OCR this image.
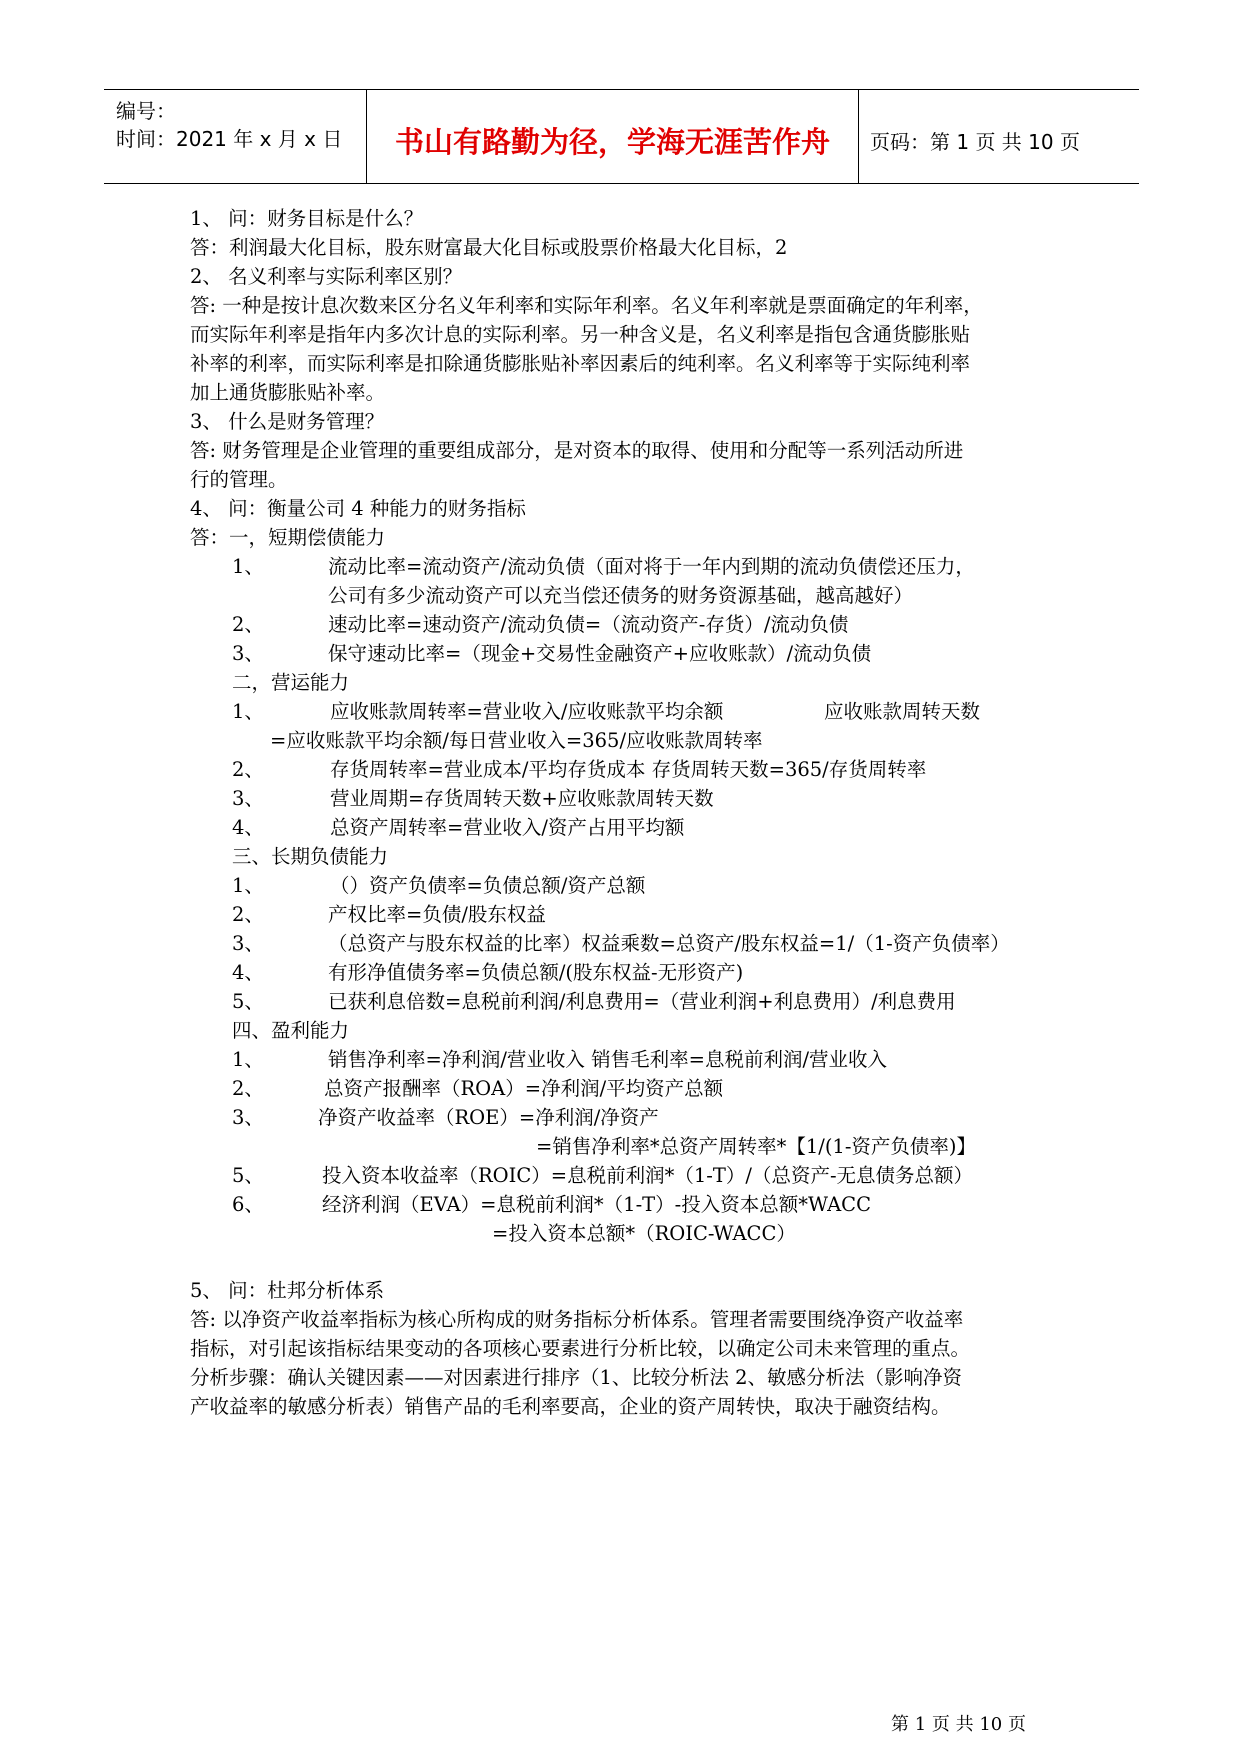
编号：
时间：2021 年 x 月 x 日	书山有路勤为径，学海无涯苦作舟	页码：第 1 页 共 10 页
1、 问：财务目标是什么？
答：利润最大化目标，股东财富最大化目标或股票价格最大化目标，2
2、 名义利率与实际利率区别？
答: 一种是按计息次数来区分名义年利率和实际年利率。名义年利率就是票面确定的年利率，
而实际年利率是指年内多次计息的实际利率。另一种含义是，名义利率是指包含通货膨胀贴
补率的利率，而实际利率是扣除通货膨胀贴补率因素后的纯利率。名义利率等于实际纯利率
加上通货膨胀贴补率。
3、 什么是财务管理？
答: 财务管理是企业管理的重要组成部分，是对资本的取得、使用和分配等一系列活动所进
行的管理。
4、 问：衡量公司 4 种能力的财务指标
答：一，短期偿债能力
1、	流动比率=流动资产/流动负债（面对将于一年内到期的流动负债偿还压力，
公司有多少流动资产可以充当偿还债务的财务资源基础，越高越好）
2、	速动比率=速动资产/流动负债=（流动资产-存货）/流动负债
3、	保守速动比率=（现金+交易性金融资产+应收账款）/流动负债
二，营运能力
1、	应收账款周转率=营业收入/应收账款平均余额	应收账款周转天数
=应收账款平均余额/每日营业收入=365/应收账款周转率
2、	存货周转率=营业成本/平均存货成本 存货周转天数=365/存货周转率
3、	营业周期=存货周转天数+应收账款周转天数
4、	总资产周转率=营业收入/资产占用平均额
三、长期负债能力
1、	（）资产负债率=负债总额/资产总额
2、	产权比率=负债/股东权益
3、	（总资产与股东权益的比率）权益乘数=总资产/股东权益=1/（1-资产负债率）
4、	有形净值债务率=负债总额/(股东权益-无形资产)
5、	已获利息倍数=息税前利润/利息费用=（营业利润+利息费用）/利息费用
四、盈利能力
1、	销售净利率=净利润/营业收入 销售毛利率=息税前利润/营业收入
2、	总资产报酬率（ROA）=净利润/平均资产总额
3、	净资产收益率（ROE）=净利润/净资产
=销售净利率*总资产周转率*【1/(1-资产负债率)】
5、	投入资本收益率（ROIC）=息税前利润*（1-T）/（总资产-无息债务总额）
6、	经济利润（EVA）=息税前利润*（1-T）-投入资本总额*WACC
=投入资本总额*（ROIC-WACC）
5、 问：杜邦分析体系
答: 以净资产收益率指标为核心所构成的财务指标分析体系。管理者需要围绕净资产收益率
指标，对引起该指标结果变动的各项核心要素进行分析比较，以确定公司未来管理的重点。
分析步骤：确认关键因素——对因素进行排序（1、比较分析法 2、敏感分析法（影响净资
产收益率的敏感分析表）销售产品的毛利率要高，企业的资产周转快，取决于融资结构。
第 1 页 共 10 页
